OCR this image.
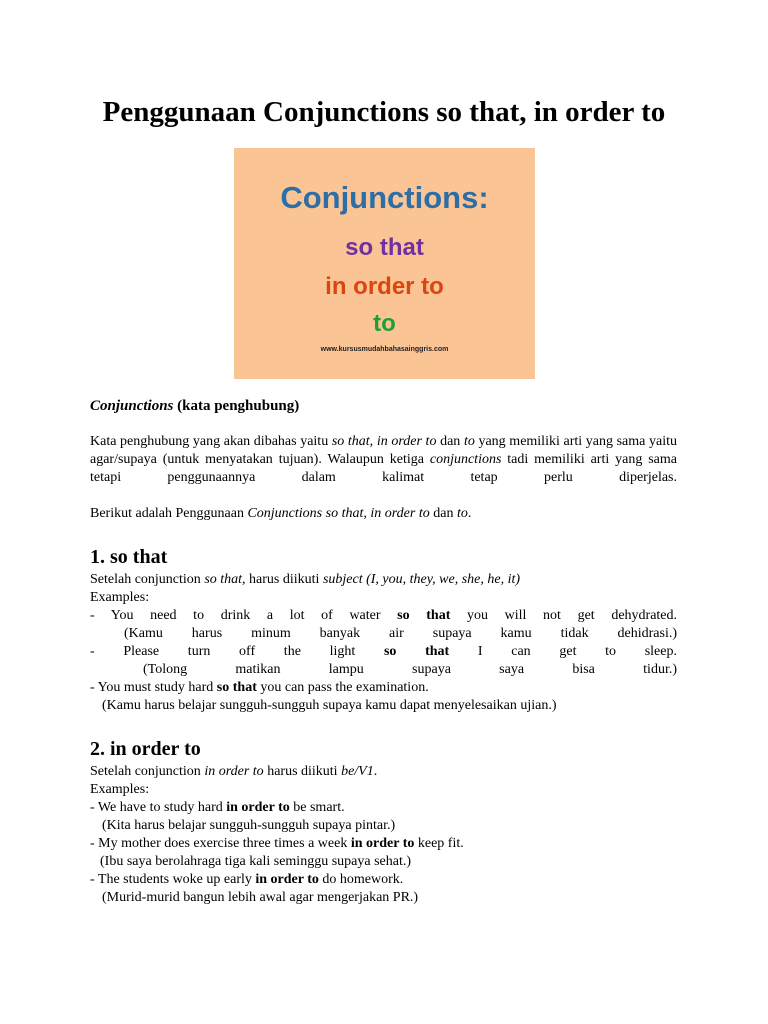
Penggunaan Conjunctions so that, in order to
Conjunctions:
so that
in order to
to
www.kursusmudahbahasainggris.com

Conjunctions (kata penghubung)

Kata penghubung yang akan dibahas yaitu so that, in order to dan to yang memiliki arti yang sama yaitu agar/supaya (untuk menyatakan tujuan). Walaupun ketiga conjunctions tadi memiliki arti yang sama tetapi penggunaannya dalam kalimat tetap perlu diperjelas.

Berikut adalah Penggunaan Conjunctions so that, in order to dan to.

1. so that

Setelah conjunction so that, harus diikuti subject (I, you, they, we, she, he, it)

Examples:

- You need to drink a lot of water so that you will not get dehydrated.

(Kamu harus minum banyak air supaya kamu tidak dehidrasi.)

- Please turn off the light so that I can get to sleep.

(Tolong matikan lampu supaya saya bisa tidur.)

- You must study hard so that you can pass the examination.

(Kamu harus belajar sungguh-sungguh supaya kamu dapat menyelesaikan ujian.)

2. in order to

Setelah conjunction in order to harus diikuti be/V1.

Examples:

- We have to study hard in order to be smart.

(Kita harus belajar sungguh-sungguh supaya pintar.)

- My mother does exercise three times a week in order to keep fit.

(Ibu saya berolahraga tiga kali seminggu supaya sehat.)

- The students woke up early in order to do homework.

(Murid-murid bangun lebih awal agar mengerjakan PR.)
